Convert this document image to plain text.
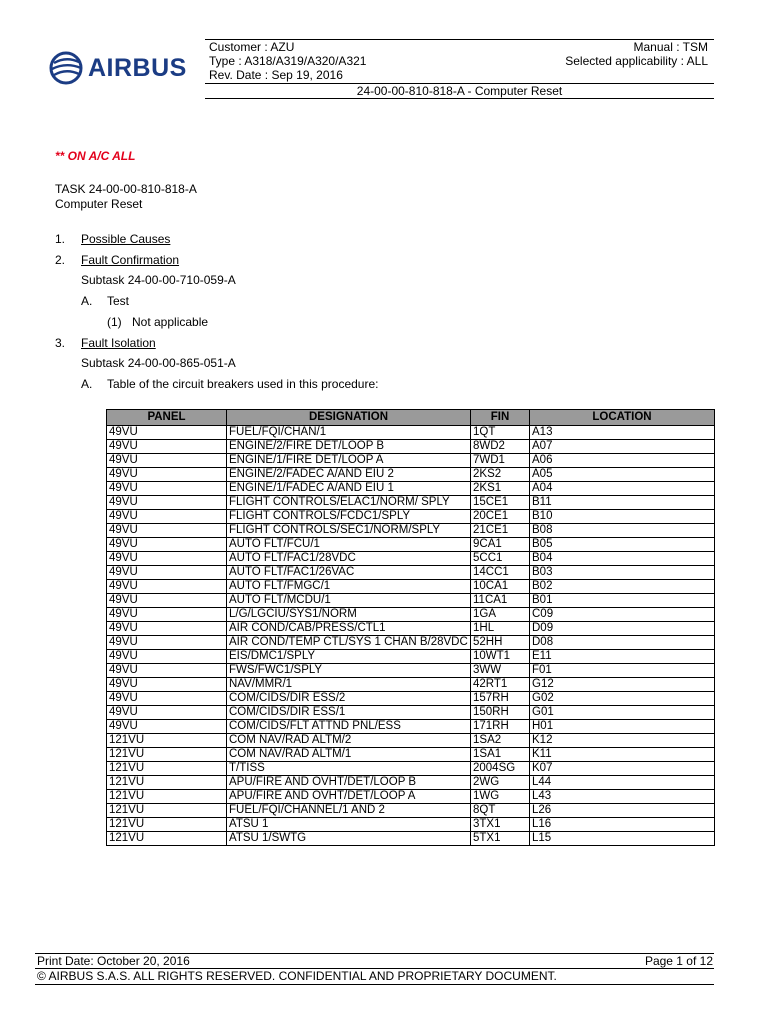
AIRBUS
Customer : AZU
Type : A318/A319/A320/A321
Rev. Date : Sep 19, 2016
Manual : TSM
Selected applicability : ALL
24-00-00-810-818-A - Computer Reset
** ON A/C ALL
TASK 24-00-00-810-818-A
Computer Reset
1. Possible Causes
2. Fault Confirmation
Subtask 24-00-00-710-059-A
A. Test
(1) Not applicable
3. Fault Isolation
Subtask 24-00-00-865-051-A
A. Table of the circuit breakers used in this procedure:
PANEL	DESIGNATION	FIN	LOCATION
49VU	FUEL/FQI/CHAN/1	1QT	A13
49VU	ENGINE/2/FIRE DET/LOOP B	8WD2	A07
49VU	ENGINE/1/FIRE DET/LOOP A	7WD1	A06
49VU	ENGINE/2/FADEC A/AND EIU 2	2KS2	A05
49VU	ENGINE/1/FADEC A/AND EIU 1	2KS1	A04
49VU	FLIGHT CONTROLS/ELAC1/NORM/ SPLY	15CE1	B11
49VU	FLIGHT CONTROLS/FCDC1/SPLY	20CE1	B10
49VU	FLIGHT CONTROLS/SEC1/NORM/SPLY	21CE1	B08
49VU	AUTO FLT/FCU/1	9CA1	B05
49VU	AUTO FLT/FAC1/28VDC	5CC1	B04
49VU	AUTO FLT/FAC1/26VAC	14CC1	B03
49VU	AUTO FLT/FMGC/1	10CA1	B02
49VU	AUTO FLT/MCDU/1	11CA1	B01
49VU	L/G/LGCIU/SYS1/NORM	1GA	C09
49VU	AIR COND/CAB/PRESS/CTL1	1HL	D09
49VU	AIR COND/TEMP CTL/SYS 1 CHAN B/28VDC	52HH	D08
49VU	EIS/DMC1/SPLY	10WT1	E11
49VU	FWS/FWC1/SPLY	3WW	F01
49VU	NAV/MMR/1	42RT1	G12
49VU	COM/CIDS/DIR ESS/2	157RH	G02
49VU	COM/CIDS/DIR ESS/1	150RH	G01
49VU	COM/CIDS/FLT ATTND PNL/ESS	171RH	H01
121VU	COM NAV/RAD ALTM/2	1SA2	K12
121VU	COM NAV/RAD ALTM/1	1SA1	K11
121VU	T/TISS	2004SG	K07
121VU	APU/FIRE AND OVHT/DET/LOOP B	2WG	L44
121VU	APU/FIRE AND OVHT/DET/LOOP A	1WG	L43
121VU	FUEL/FQI/CHANNEL/1 AND 2	8QT	L26
121VU	ATSU 1	3TX1	L16
121VU	ATSU 1/SWTG	5TX1	L15
Print Date: October 20, 2016	Page 1 of 12
© AIRBUS S.A.S. ALL RIGHTS RESERVED. CONFIDENTIAL AND PROPRIETARY DOCUMENT.
